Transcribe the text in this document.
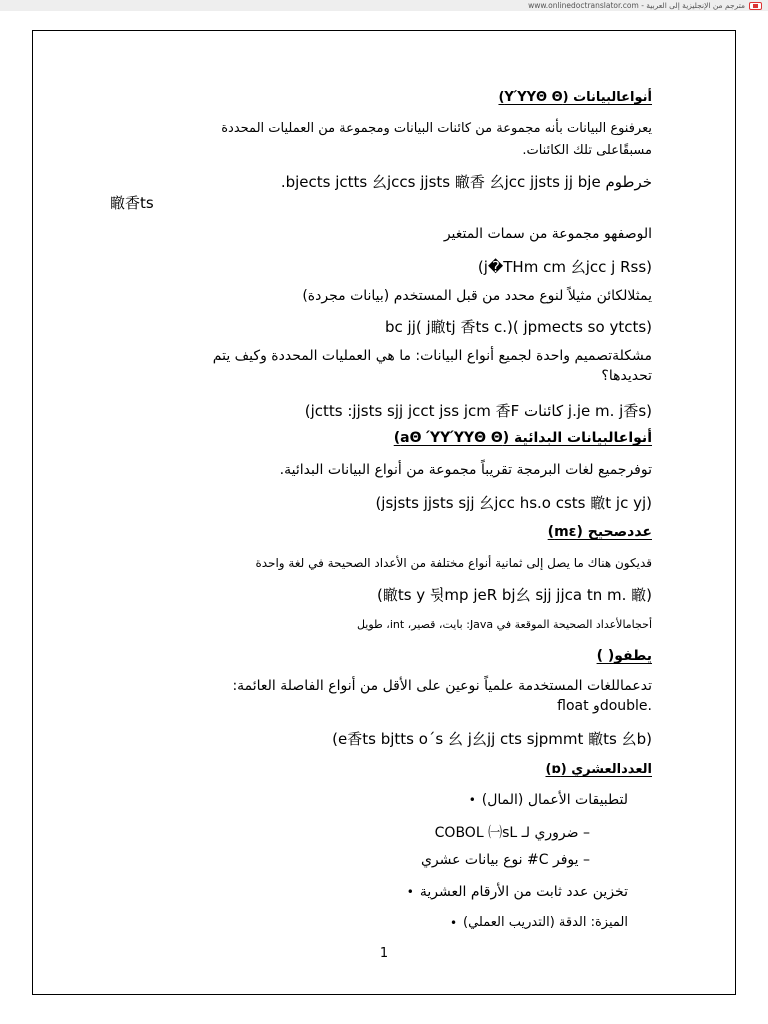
مترجم من الإنجليزية إلى العربية - www.onlinedoctranslator.com
أنواعالبيانات (ΥΎΥΘ Θ)
يعرفنوع البيانات بأنه مجموعة من كائنات البيانات ومجموعة من العمليات المحددة
مسبقًاعلى تلك الكائنات.
خرطوم bjects jctts 幺jccs jjsts 瞮香 幺jcc jjsts jj bje.
瞮香ts
الوصفهو مجموعة من سمات المتغير
(j�THm cm 幺jcc j Rss)
يمثلالكائن مثيلاً لنوع محدد من قبل المستخدم (بيانات مجردة)
(jpmects so ytcts )bc jj( j瞮tj 香ts c.)
مشكلةتصميم واحدة لجميع أنواع البيانات: ما هي العمليات المحددة وكيف يتم
تحديدها؟
(j.je m. j香s كائنات jctts :jjsts sjj jcct jss jcm 香F)
أنواعالبيانات البدائية (aΘ ΎΥΎΥΘ Θ)
توفرجميع لغات البرمجة تقريباً مجموعة من أنواع البيانات البدائية.
(jsjsts jjsts sjj 幺jcc hs.o csts 瞮t jc yj)
عددصحيح (mɛ)
قديكون هناك ما يصل إلى ثمانية أنواع مختلفة من الأعداد الصحيحة في لغة واحدة
(瞮ts y 뒷mp jeR bj幺 sjj jjca tn m. 瞮)
أحجامالأعداد الصحيحة الموقعة في Java: بايت، قصير، int، طويل
يطفو( )
تدعماللغات المستخدمة علمياً نوعين على الأقل من أنواع الفاصلة العائمة:
.doubleو float
(e香ts bjtts o´s 幺 j幺jj cts sjpmmt 瞮ts 幺b)
العددالعشري (ɒ)
• لتطبيقات الأعمال (المال)
– ضروري لـ COBOL ㈠sL
– يوفر C# نوع بيانات عشري
• تخزين عدد ثابت من الأرقام العشرية
• الميزة: الدقة (التدريب العملي)
1
